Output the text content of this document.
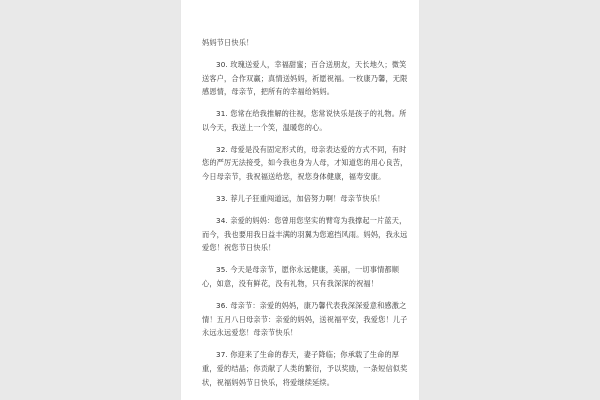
妈妈节日快乐！

30. 玫瑰送爱人，幸福甜蜜；百合送朋友，天长地久；微笑送客户，合作双赢；真情送妈妈，祈愿祝福。一枚康乃馨，无限感恩情，母亲节，把所有的幸福给妈妈。

31. 您常在给我推解的往视，您常说快乐是孩子的礼物。所以今天，我送上一个笑，温暖您的心。

32. 母爱是没有固定形式的，母亲表达爱的方式不同，有时您的严厉无法接受，如今我也身为人母，才知道您的用心良苦，今日母亲节，我祝福送给您，祝您身体健康，福寿安康。

33. 荐儿子狂重闯道远，加倍努力啊！母亲节快乐！

34. 亲爱的妈妈：您曾用您坚实的臂弯为我撑起一片蓝天，而今，我也要用我日益丰满的羽翼为您遮挡风雨。妈妈，我永远爱您！祝您节日快乐！

35. 今天是母亲节，愿你永远健康，美丽，一切事情都顺心，如意，没有鲜花，没有礼物，只有我深深的祝福！

36. 母亲节：亲爱的妈妈，康乃馨代表我深深爱意和感激之情！五月八日母亲节：亲爱的妈妈，送祝福平安，我爱您！儿子永远永远爱您！母亲节快乐！

37. 你迎来了生命的春天，妻子降临；你承载了生命的厚重，爱的结晶；你贡献了人类的繁衍，予以奖励，一条短信似奖状，祝福妈妈节日快乐，将爱继续延续。
